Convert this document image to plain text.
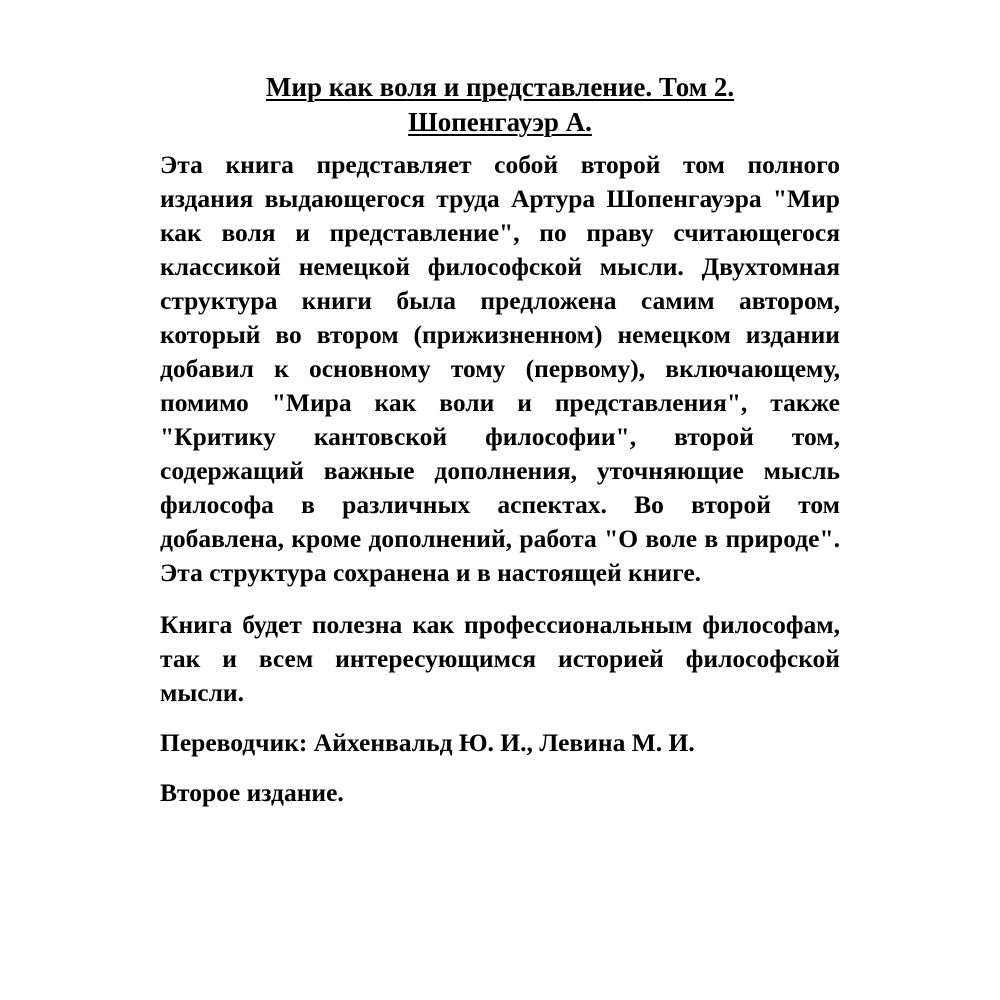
Мир как воля и представление. Том 2.
Шопенгауэр А.

Эта книга представляет собой второй том полного издания выдающегося труда Артура Шопенгауэра "Мир как воля и представление", по праву считающегося классикой немецкой философской мысли. Двухтомная структура книги была предложена самим автором, который во втором (прижизненном) немецком издании добавил к основному тому (первому), включающему, помимо "Мира как воли и представления", также "Критику кантовской философии", второй том, содержащий важные дополнения, уточняющие мысль философа в различных аспектах. Во второй том добавлена, кроме дополнений, работа "О воле в природе". Эта структура сохранена и в настоящей книге.

Книга будет полезна как профессиональным философам, так и всем интересующимся историей философской мысли.

Переводчик: Айхенвальд Ю. И., Левина М. И.

Второе издание.
